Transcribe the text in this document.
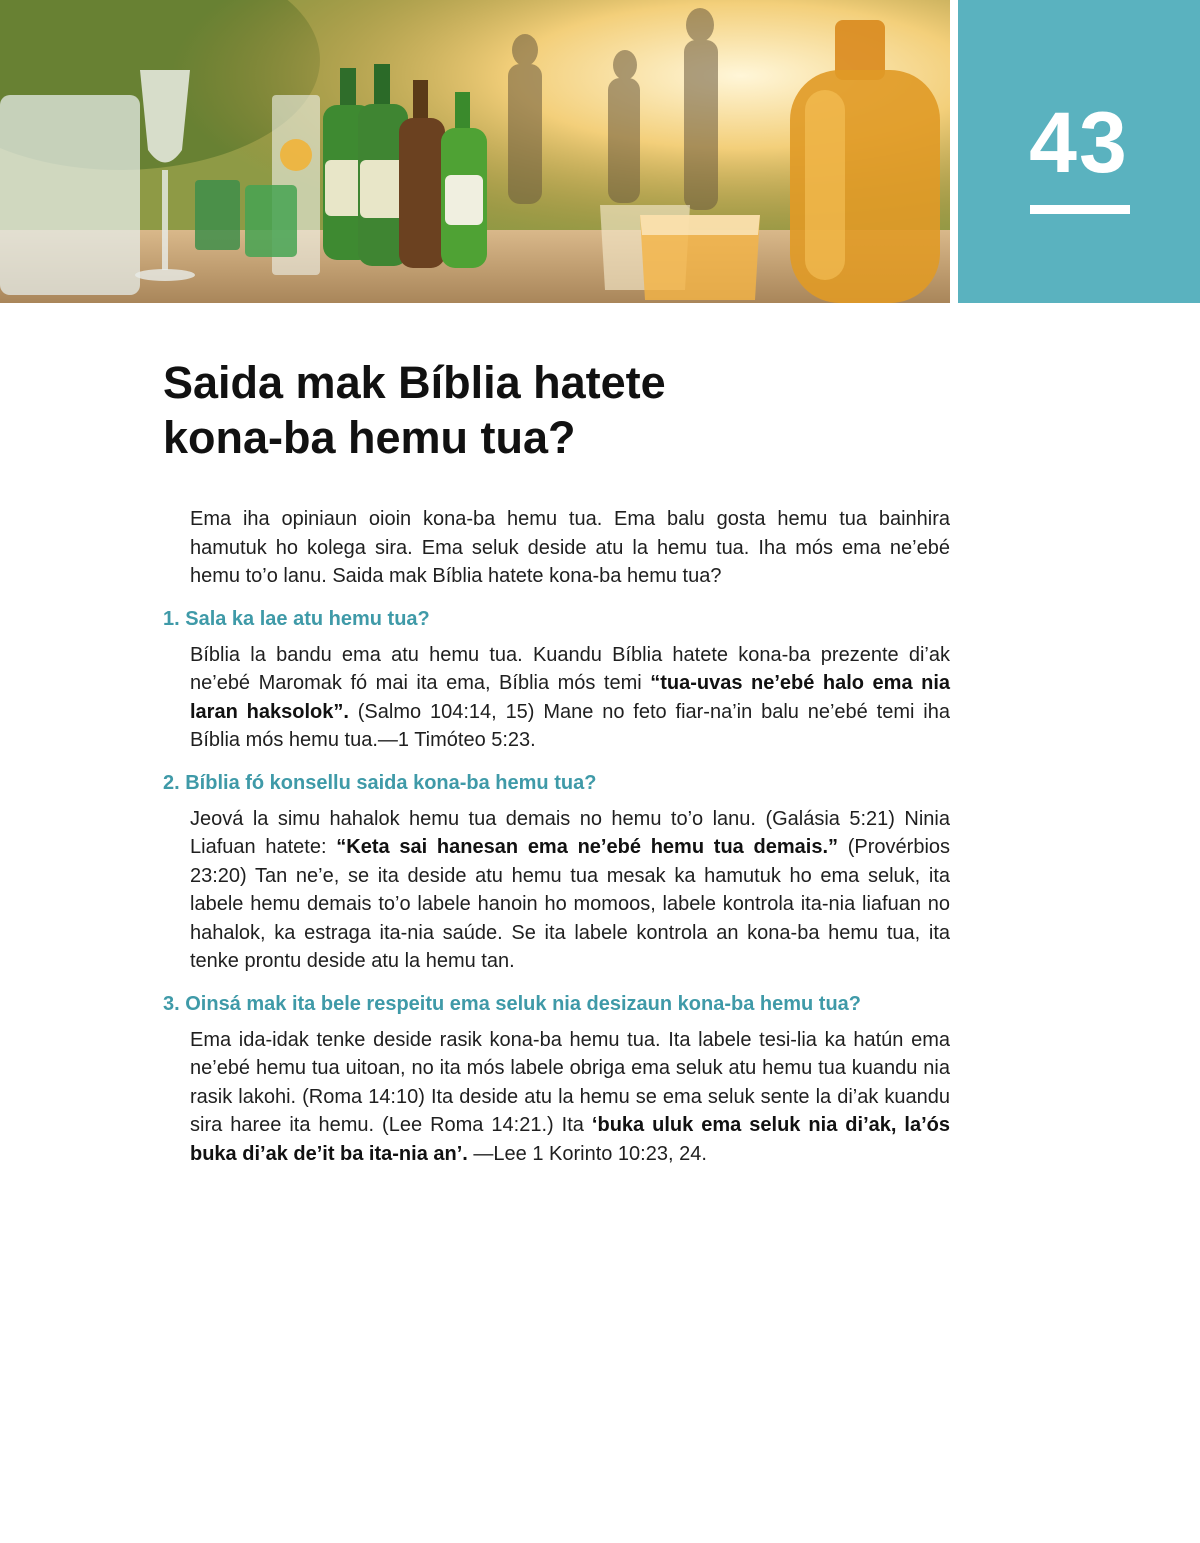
43
Saida mak Bíblia hatete
kona-ba hemu tua?

Ema iha opiniaun oioin kona-ba hemu tua. Ema balu gosta hemu tua bainhira hamutuk ho kolega sira. Ema seluk deside atu la hemu tua. Iha mós ema ne’ebé hemu to’o lanu. Saida mak Bíblia hatete kona-ba hemu tua?

1. Sala ka lae atu hemu tua?

Bíblia la bandu ema atu hemu tua. Kuandu Bíblia hatete kona-ba prezente di’ak ne’ebé Maromak fó mai ita ema, Bíblia mós temi “tua-uvas ne’ebé halo ema nia laran haksolok”. (Salmo 104:14, 15) Mane no feto fiar-na’in balu ne’ebé temi iha Bíblia mós hemu tua.—1 Timóteo 5:23.

2. Bíblia fó konsellu saida kona-ba hemu tua?

Jeová la simu hahalok hemu tua demais no hemu to’o lanu. (Galásia 5:21) Ninia Liafuan hatete: “Keta sai hanesan ema ne’ebé hemu tua demais.” (Provérbios 23:20) Tan ne’e, se ita deside atu hemu tua mesak ka hamutuk ho ema seluk, ita labele hemu demais to’o labele hanoin ho momoos, labele kontrola ita-nia liafuan no hahalok, ka estraga ita-nia saúde. Se ita labele kontrola an kona-ba hemu tua, ita tenke prontu deside atu la hemu tan.

3. Oinsá mak ita bele respeitu ema seluk nia desizaun kona-ba hemu tua?

Ema ida-idak tenke deside rasik kona-ba hemu tua. Ita labele tesi-lia ka hatún ema ne’ebé hemu tua uitoan, no ita mós labele obriga ema seluk atu hemu tua kuandu nia rasik lakohi. (Roma 14:10) Ita deside atu la hemu se ema seluk sente la di’ak kuandu sira haree ita hemu. (Lee Roma 14:21.) Ita ‘buka uluk ema seluk nia di’ak, la’ós buka di’ak de’it ba ita-nia an’. —Lee 1 Korinto 10:23, 24.
